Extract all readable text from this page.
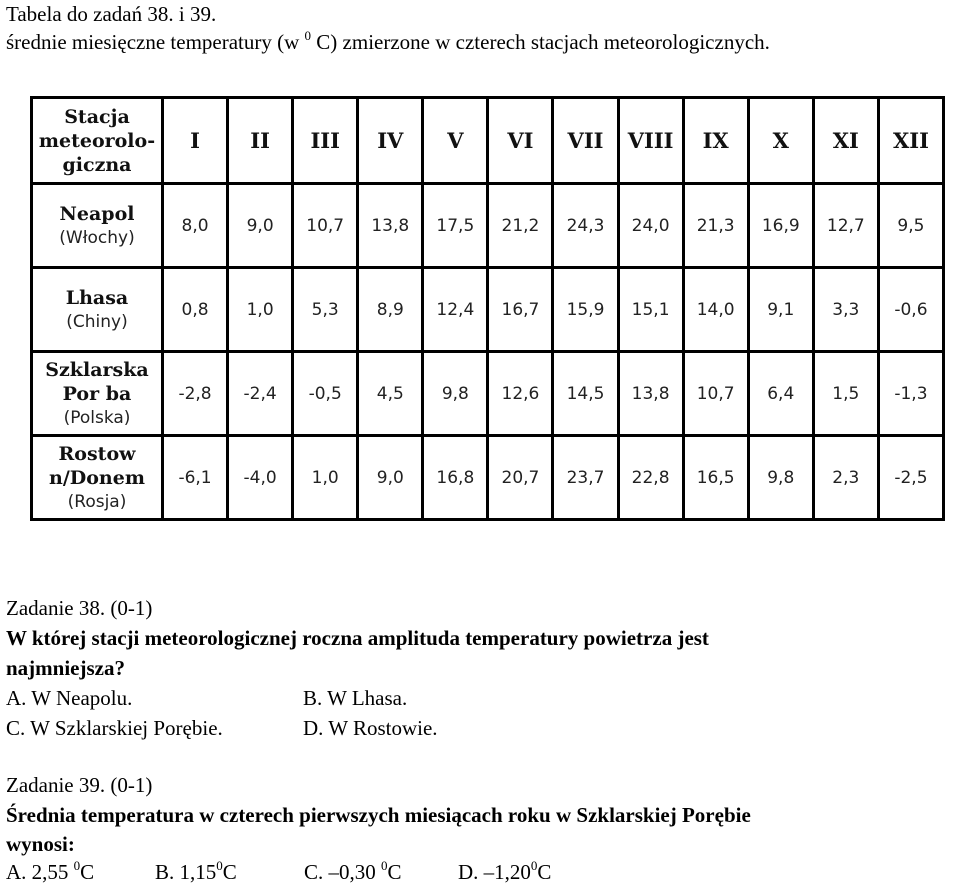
Tabela do zadań 38. i 39.
średnie miesięczne temperatury (w $^0$ C) zmierzone w czterech stacjach meteorologicznych.
Stacja
meteorolo-
giczna	I	II	III	IV	V	VI	VII	VIII	IX	X	XI	XII

Neapol
(Włochy)	8,0	9,0	10,7	13,8	17,5	21,2	24,3	24,0	21,3	16,9	12,7	9,5

Lhasa
(Chiny)	0,8	1,0	5,3	8,9	12,4	16,7	15,9	15,1	14,0	9,1	3,3	-0,6

Szklarska
Por ba
(Polska)	-2,8	-2,4	-0,5	4,5	9,8	12,6	14,5	13,8	10,7	6,4	1,5	-1,3

Rostow
n/Donem
(Rosja)	-6,1	-4,0	1,0	9,0	16,8	20,7	23,7	22,8	16,5	9,8	2,3	-2,5
Zadanie 38. (0-1)
W której stacji meteorologicznej roczna amplituda temperatury powietrza jest
najmniejsza?
A. W Neapolu.	B. W Lhasa.
C. W Szklarskiej Porębie.	D. W Rostowie.
Zadanie 39. (0-1)
Średnia temperatura w czterech pierwszych miesiącach roku w Szklarskiej Porębie
wynosi:
A. 2,55 $^0$C	B. 1,15$^0$C	C. –0,30 $^0$C	D. –1,20$^0$C
